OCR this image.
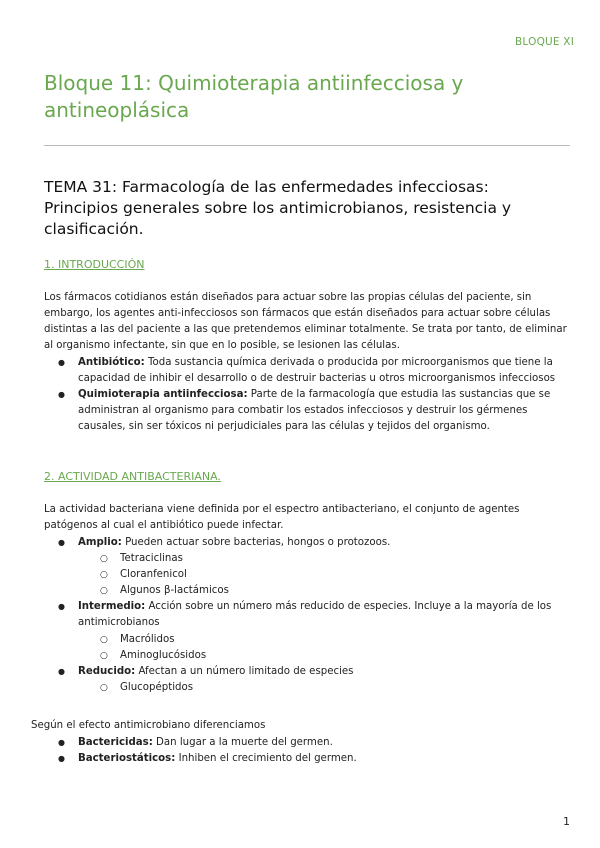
BLOQUE XI
Bloque 11: Quimioterapia antiinfecciosa y antineoplásica
TEMA 31: Farmacología de las enfermedades infecciosas: Principios generales sobre los antimicrobianos, resistencia y clasificación.
1. INTRODUCCIÓN

Los fármacos cotidianos están diseñados para actuar sobre las propias células del paciente, sin embargo, los agentes anti-infecciosos son fármacos que están diseñados para actuar sobre células distintas a las del paciente a las que pretendemos eliminar totalmente. Se trata por tanto, de eliminar al organismo infectante, sin que en lo posible, se lesionen las células.

● Antibiótico: Toda sustancia química derivada o producida por microorganismos que tiene la capacidad de inhibir el desarrollo o de destruir bacterias u otros microorganismos infecciosos
● Quimioterapia antiinfecciosa: Parte de la farmacología que estudia las sustancias que se administran al organismo para combatir los estados infecciosos y destruir los gérmenes causales, sin ser tóxicos ni perjudiciales para las células y tejidos del organismo.
2. ACTIVIDAD ANTIBACTERIANA.

La actividad bacteriana viene definida por el espectro antibacteriano, el conjunto de agentes patógenos al cual el antibiótico puede infectar.

● Amplio: Pueden actuar sobre bacterias, hongos o protozoos.
○ Tetraciclinas
○ Cloranfenicol
○ Algunos β-lactámicos
● Intermedio: Acción sobre un número más reducido de especies. Incluye a la mayoría de los antimicrobianos
○ Macrólidos
○ Aminoglucósidos
● Reducido: Afectan a un número limitado de especies
○ Glucopéptidos

Según el efecto antimicrobiano diferenciamos

● Bactericidas: Dan lugar a la muerte del germen.
● Bacteriostáticos: Inhiben el crecimiento del germen.
1
